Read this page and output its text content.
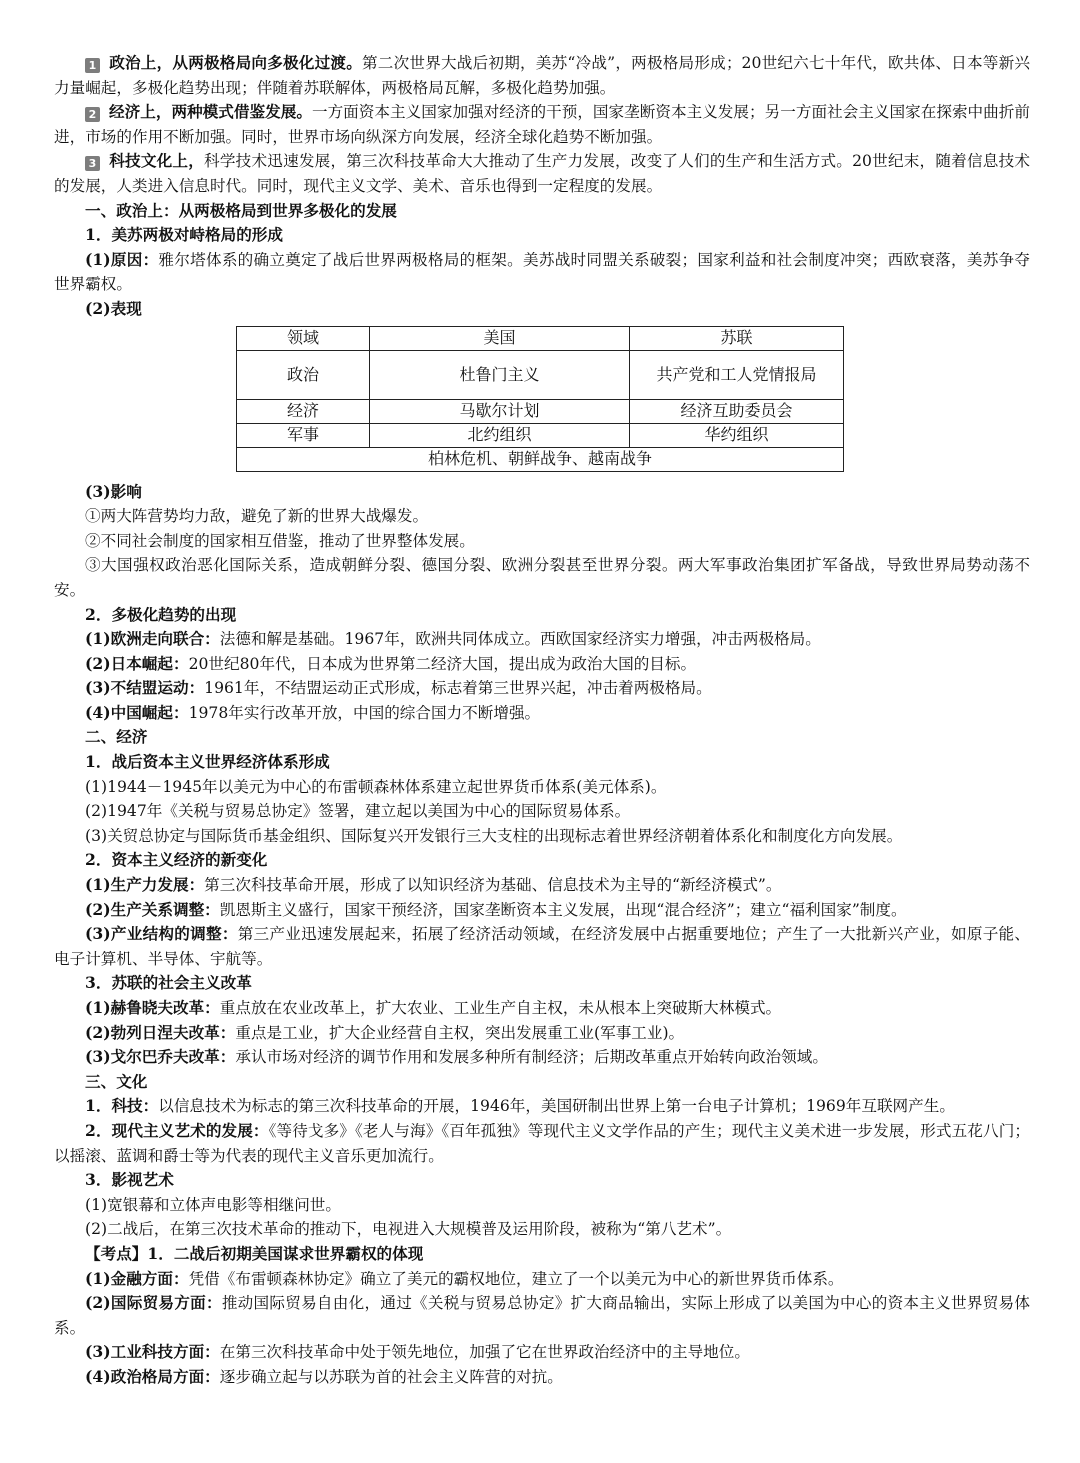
1 政治上，从两极格局向多极化过渡。第二次世界大战后初期，美苏“冷战”，两极格局形成；20世纪六七十年代，欧共体、日本等新兴力量崛起，多极化趋势出现；伴随着苏联解体，两极格局瓦解，多极化趋势加强。

2 经济上，两种模式借鉴发展。一方面资本主义国家加强对经济的干预，国家垄断资本主义发展；另一方面社会主义国家在探索中曲折前进，市场的作用不断加强。同时，世界市场向纵深方向发展，经济全球化趋势不断加强。

3 科技文化上，科学技术迅速发展，第三次科技革命大大推动了生产力发展，改变了人们的生产和生活方式。20世纪末，随着信息技术的发展，人类进入信息时代。同时，现代主义文学、美术、音乐也得到一定程度的发展。

一、政治上：从两极格局到世界多极化的发展

1．美苏两极对峙格局的形成

(1)原因：雅尔塔体系的确立奠定了战后世界两极格局的框架。美苏战时同盟关系破裂；国家利益和社会制度冲突；西欧衰落，美苏争夺世界霸权。

(2)表现

领域	美国	苏联
政治	杜鲁门主义	共产党和工人党情报局
经济	马歇尔计划	经济互助委员会
军事	北约组织	华约组织
柏林危机、朝鲜战争、越南战争		

(3)影响

①两大阵营势均力敌，避免了新的世界大战爆发。

②不同社会制度的国家相互借鉴，推动了世界整体发展。

③大国强权政治恶化国际关系，造成朝鲜分裂、德国分裂、欧洲分裂甚至世界分裂。两大军事政治集团扩军备战，导致世界局势动荡不安。

2．多极化趋势的出现

(1)欧洲走向联合：法德和解是基础。1967年，欧洲共同体成立。西欧国家经济实力增强，冲击两极格局。

(2)日本崛起：20世纪80年代，日本成为世界第二经济大国，提出成为政治大国的目标。

(3)不结盟运动：1961年，不结盟运动正式形成，标志着第三世界兴起，冲击着两极格局。

(4)中国崛起：1978年实行改革开放，中国的综合国力不断增强。

二、经济

1．战后资本主义世界经济体系形成

(1)1944－1945年以美元为中心的布雷顿森林体系建立起世界货币体系(美元体系)。

(2)1947年《关税与贸易总协定》签署，建立起以美国为中心的国际贸易体系。

(3)关贸总协定与国际货币基金组织、国际复兴开发银行三大支柱的出现标志着世界经济朝着体系化和制度化方向发展。

2．资本主义经济的新变化

(1)生产力发展：第三次科技革命开展，形成了以知识经济为基础、信息技术为主导的“新经济模式”。

(2)生产关系调整：凯恩斯主义盛行，国家干预经济，国家垄断资本主义发展，出现“混合经济”；建立“福利国家”制度。

(3)产业结构的调整：第三产业迅速发展起来，拓展了经济活动领域，在经济发展中占据重要地位；产生了一大批新兴产业，如原子能、电子计算机、半导体、宇航等。

3．苏联的社会主义改革

(1)赫鲁晓夫改革：重点放在农业改革上，扩大农业、工业生产自主权，未从根本上突破斯大林模式。

(2)勃列日涅夫改革：重点是工业，扩大企业经营自主权，突出发展重工业(军事工业)。

(3)戈尔巴乔夫改革：承认市场对经济的调节作用和发展多种所有制经济；后期改革重点开始转向政治领域。

三、文化

1．科技：以信息技术为标志的第三次科技革命的开展，1946年，美国研制出世界上第一台电子计算机；1969年互联网产生。

2．现代主义艺术的发展：《等待戈多》《老人与海》《百年孤独》等现代主义文学作品的产生；现代主义美术进一步发展，形式五花八门；以摇滚、蓝调和爵士等为代表的现代主义音乐更加流行。

3．影视艺术

(1)宽银幕和立体声电影等相继问世。

(2)二战后，在第三次技术革命的推动下，电视进入大规模普及运用阶段，被称为“第八艺术”。

【考点】1．二战后初期美国谋求世界霸权的体现

(1)金融方面：凭借《布雷顿森林协定》确立了美元的霸权地位，建立了一个以美元为中心的新世界货币体系。

(2)国际贸易方面：推动国际贸易自由化，通过《关税与贸易总协定》扩大商品输出，实际上形成了以美国为中心的资本主义世界贸易体系。

(3)工业科技方面：在第三次科技革命中处于领先地位，加强了它在世界政治经济中的主导地位。

(4)政治格局方面：逐步确立起与以苏联为首的社会主义阵营的对抗。
